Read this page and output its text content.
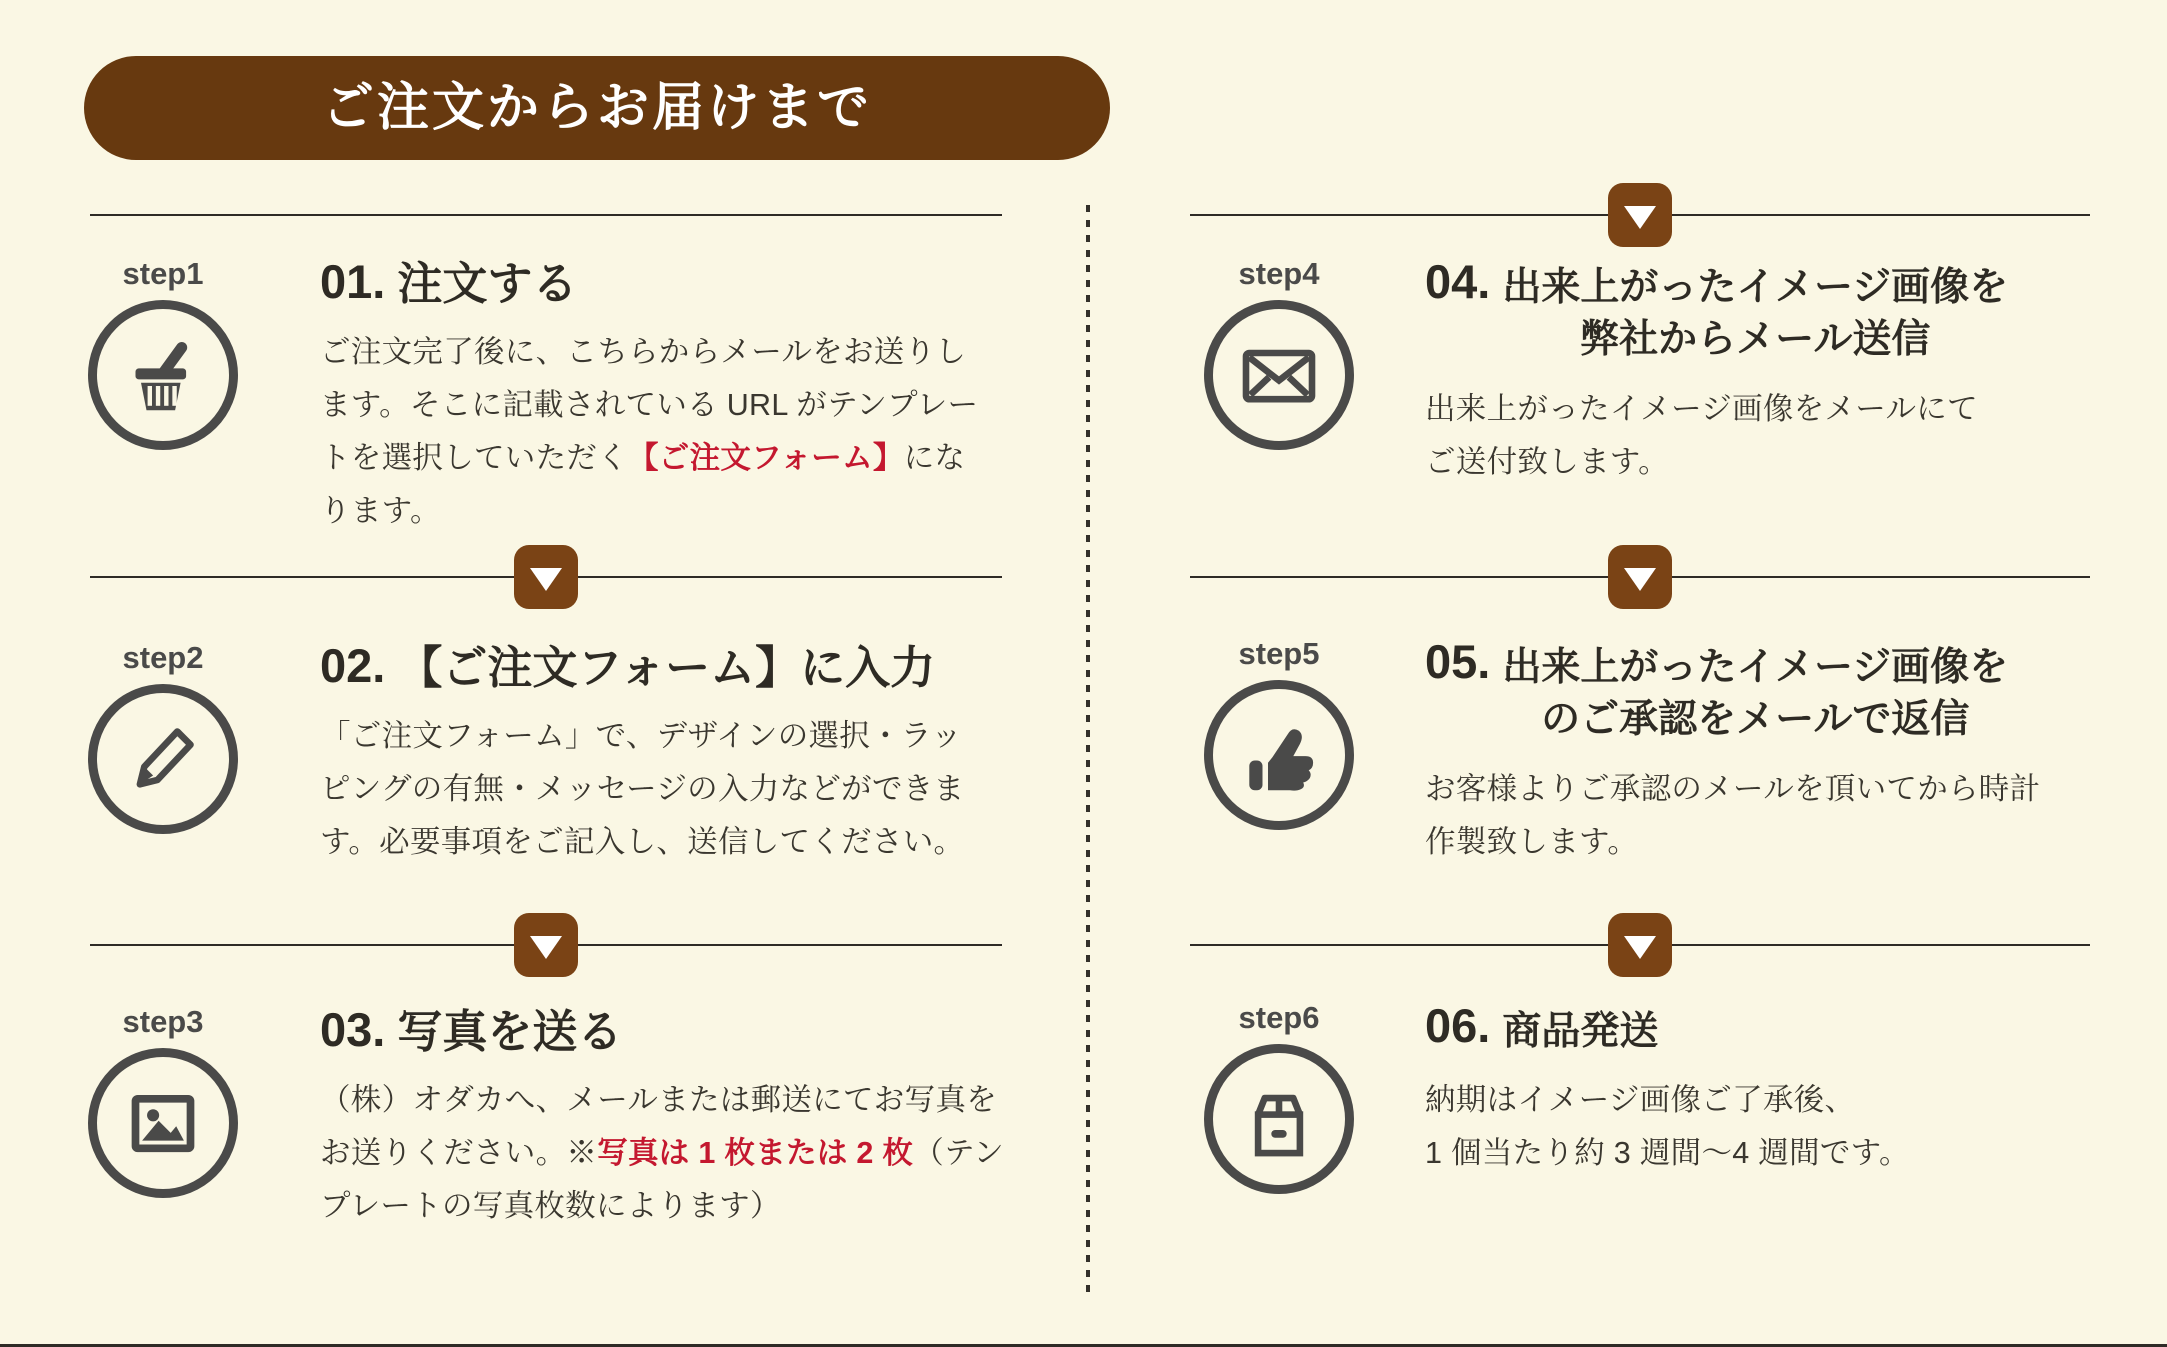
ご注文からお届けまで
step1	01. 注文する
ご注文完了後に、こちらからメールをお送りし
ます。そこに記載されている URL がテンプレー
トを選択していただく【ご注文フォーム】にな
ります。
step2	02. 【ご注文フォーム】に入力
「ご注文フォーム」で、デザインの選択・ラッ
ピングの有無・メッセージの入力などができま
す。必要事項をご記入し、送信してください。
step3	03. 写真を送る
（株）オダカへ、メールまたは郵送にてお写真を
お送りください。※写真は 1 枚または 2 枚（テン
プレートの写真枚数によります）
step4	04. 出来上がったイメージ画像を
弊社からメール送信
出来上がったイメージ画像をメールにて
ご送付致します。
step5	05. 出来上がったイメージ画像を
のご承認をメールで返信
お客様よりご承認のメールを頂いてから時計
作製致します。
step6	06. 商品発送
納期はイメージ画像ご了承後、
1 個当たり約 3 週間〜4 週間です。
